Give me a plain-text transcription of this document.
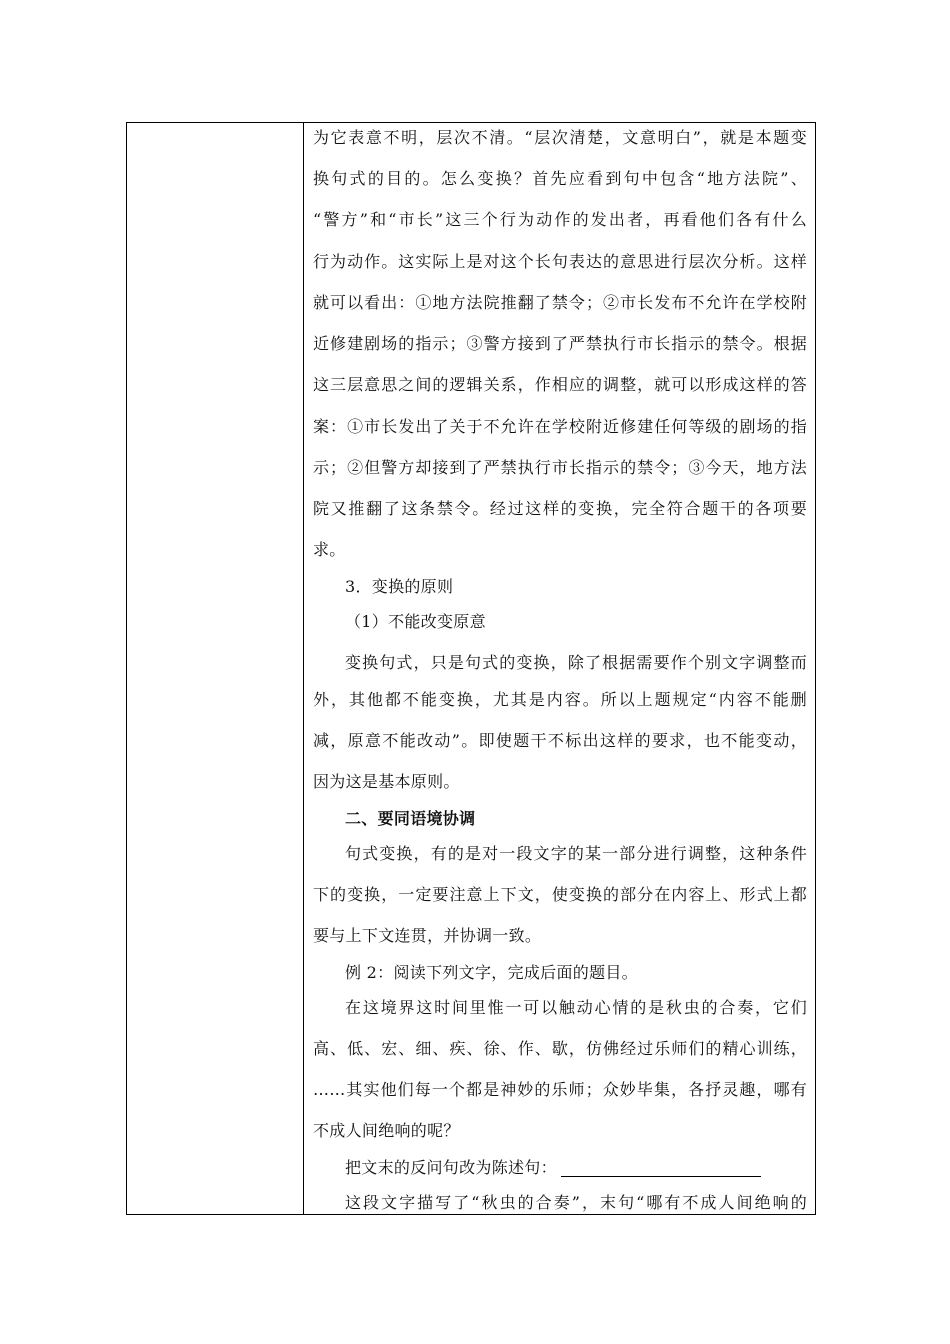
为它表意不明，层次不清。“层次清楚，文意明白”，就是本题变
换句式的目的。怎么变换？首先应看到句中包含“地方法院”、
“警方”和“市长”这三个行为动作的发出者，再看他们各有什么
行为动作。这实际上是对这个长句表达的意思进行层次分析。这样
就可以看出：①地方法院推翻了禁令；②市长发布不允许在学校附
近修建剧场的指示；③警方接到了严禁执行市长指示的禁令。根据
这三层意思之间的逻辑关系，作相应的调整，就可以形成这样的答
案：①市长发出了关于不允许在学校附近修建任何等级的剧场的指
示；②但警方却接到了严禁执行市长指示的禁令；③今天，地方法
院又推翻了这条禁令。经过这样的变换，完全符合题干的各项要
求。
3．变换的原则
（1）不能改变原意
变换句式，只是句式的变换，除了根据需要作个别文字调整而
外，其他都不能变换，尤其是内容。所以上题规定“内容不能删
减，原意不能改动”。即使题干不标出这样的要求，也不能变动，
因为这是基本原则。
二、要同语境协调
句式变换，有的是对一段文字的某一部分进行调整，这种条件
下的变换，一定要注意上下文，使变换的部分在内容上、形式上都
要与上下文连贯，并协调一致。
例 2：阅读下列文字，完成后面的题目。
在这境界这时间里惟一可以触动心情的是秋虫的合奏，它们
高、低、宏、细、疾、徐、作、歇，仿佛经过乐师们的精心训练，
……其实他们每一个都是神妙的乐师；众妙毕集，各抒灵趣，哪有
不成人间绝响的呢？
把文末的反问句改为陈述句：
这段文字描写了“秋虫的合奏”，末句“哪有不成人间绝响的
